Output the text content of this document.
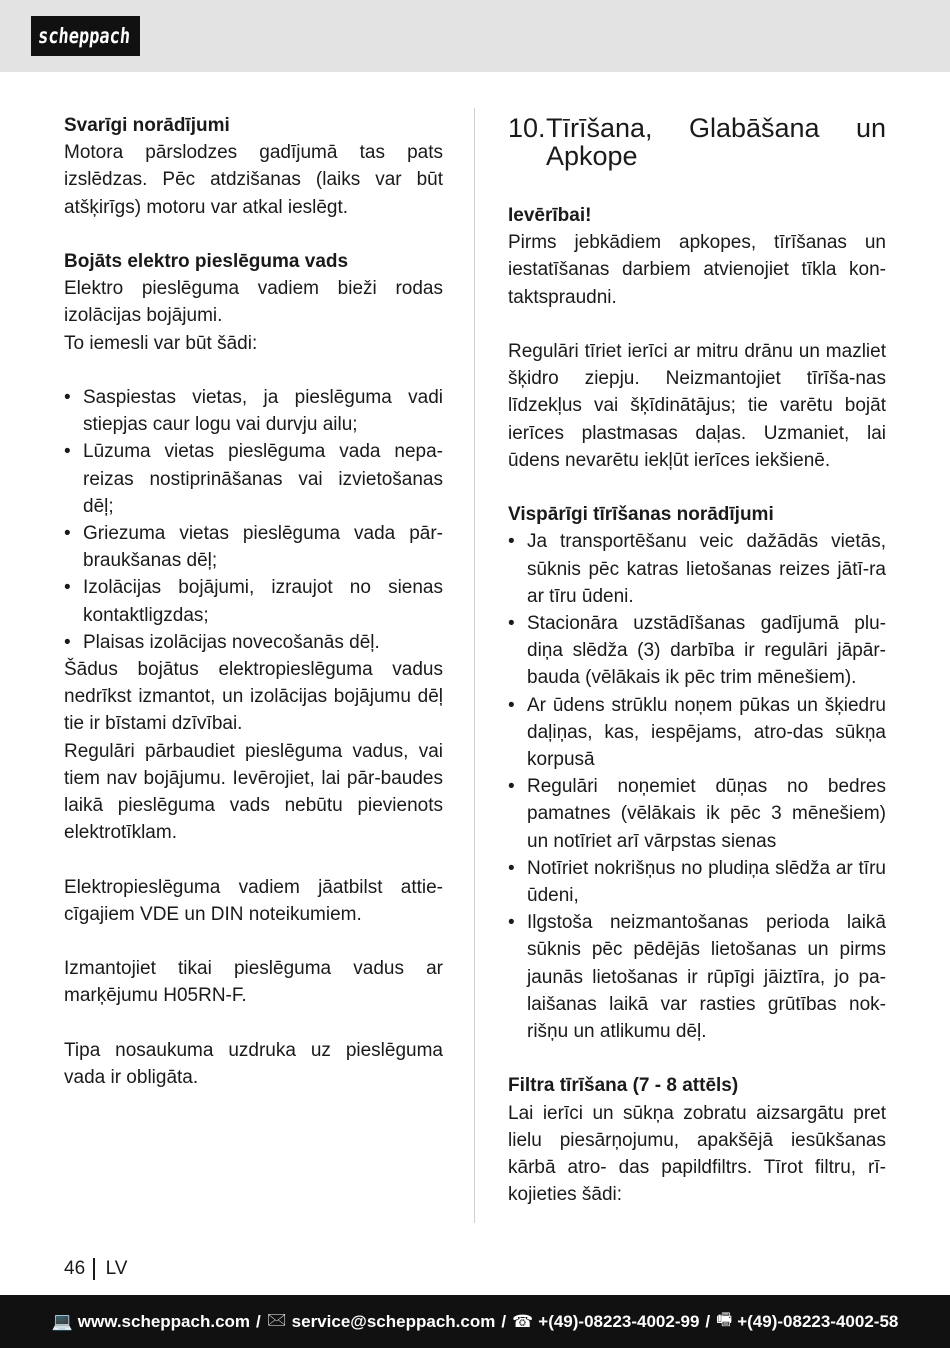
scheppach
Svarīgi norādījumi
Motora pārslodzes gadījumā tas pats izslēdzas. Pēc atdzišanas (laiks var būt atšķirīgs) motoru var atkal ieslēgt.
Bojāts elektro pieslēguma vads
Elektro pieslēguma vadiem bieži rodas izolācijas bojājumi.
To iemesli var būt šādi:
• Saspiestas vietas, ja pieslēguma vadi stiepjas caur logu vai durvju ailu;
• Lūzuma vietas pieslēguma vada nepa-reizas nostiprināšanas vai izvietošanas dēļ;
• Griezuma vietas pieslēguma vada pār-braukšanas dēļ;
• Izolācijas bojājumi, izraujot no sienas kontaktligzdas;
• Plaisas izolācijas novecošanās dēļ.
Šādus bojātus elektropieslēguma vadus nedrīkst izmantot, un izolācijas bojājumu dēļ tie ir bīstami dzīvībai.
Regulāri pārbaudiet pieslēguma vadus, vai tiem nav bojājumu. Ievērojiet, lai pār-baudes laikā pieslēguma vads nebūtu pievienots elektrotīklam.
Elektropieslēguma vadiem jāatbilst attie-cīgajiem VDE un DIN noteikumiem.
Izmantojiet tikai pieslēguma vadus ar marķējumu H05RN-F.
Tipa nosaukuma uzdruka uz pieslēguma vada ir obligāta.
10. Tīrīšana, Glabāšana un
Apkope
Ievērībai!
Pirms jebkādiem apkopes, tīrīšanas un iestatīšanas darbiem atvienojiet tīkla kon-taktspraudni.
Regulāri tīriet ierīci ar mitru drānu un mazliet šķidro ziepju. Neizmantojiet tīrīša-nas līdzekļus vai šķīdinātājus; tie varētu bojāt ierīces plastmasas daļas. Uzmaniet, lai ūdens nevarētu iekļūt ierīces iekšienē.
Vispārīgi tīrīšanas norādījumi
• Ja transportēšanu veic dažādās vietās, sūknis pēc katras lietošanas reizes jātī-ra ar tīru ūdeni.
• Stacionāra uzstādīšanas gadījumā plu-diņa slēdža (3) darbība ir regulāri jāpār-bauda (vēlākais ik pēc trim mēnešiem).
• Ar ūdens strūklu noņem pūkas un šķiedru daļiņas, kas, iespējams, atro-das sūkņa korpusā
• Regulāri noņemiet dūņas no bedres pamatnes (vēlākais ik pēc 3 mēnešiem) un notīriet arī vārpstas sienas
• Notīriet nokrišņus no pludiņa slēdža ar tīru ūdeni,
• Ilgstoša neizmantošanas perioda laikā sūknis pēc pēdējās lietošanas un pirms jaunās lietošanas ir rūpīgi jāiztīra, jo pa-laišanas laikā var rasties grūtības nok-rišņu un atlikumu dēļ.
Filtra tīrīšana (7 - 8 attēls)
Lai ierīci un sūkņa zobratu aizsargātu pret lielu piesārņojumu, apakšējā iesūkšanas kārbā atro- das papildfiltrs. Tīrot filtru, rī-kojieties šādi:
46 LV
💻 www.scheppach.com / 🖂 service@scheppach.com / ☎ +(49)-08223-4002-99 / 🖷 +(49)-08223-4002-58
